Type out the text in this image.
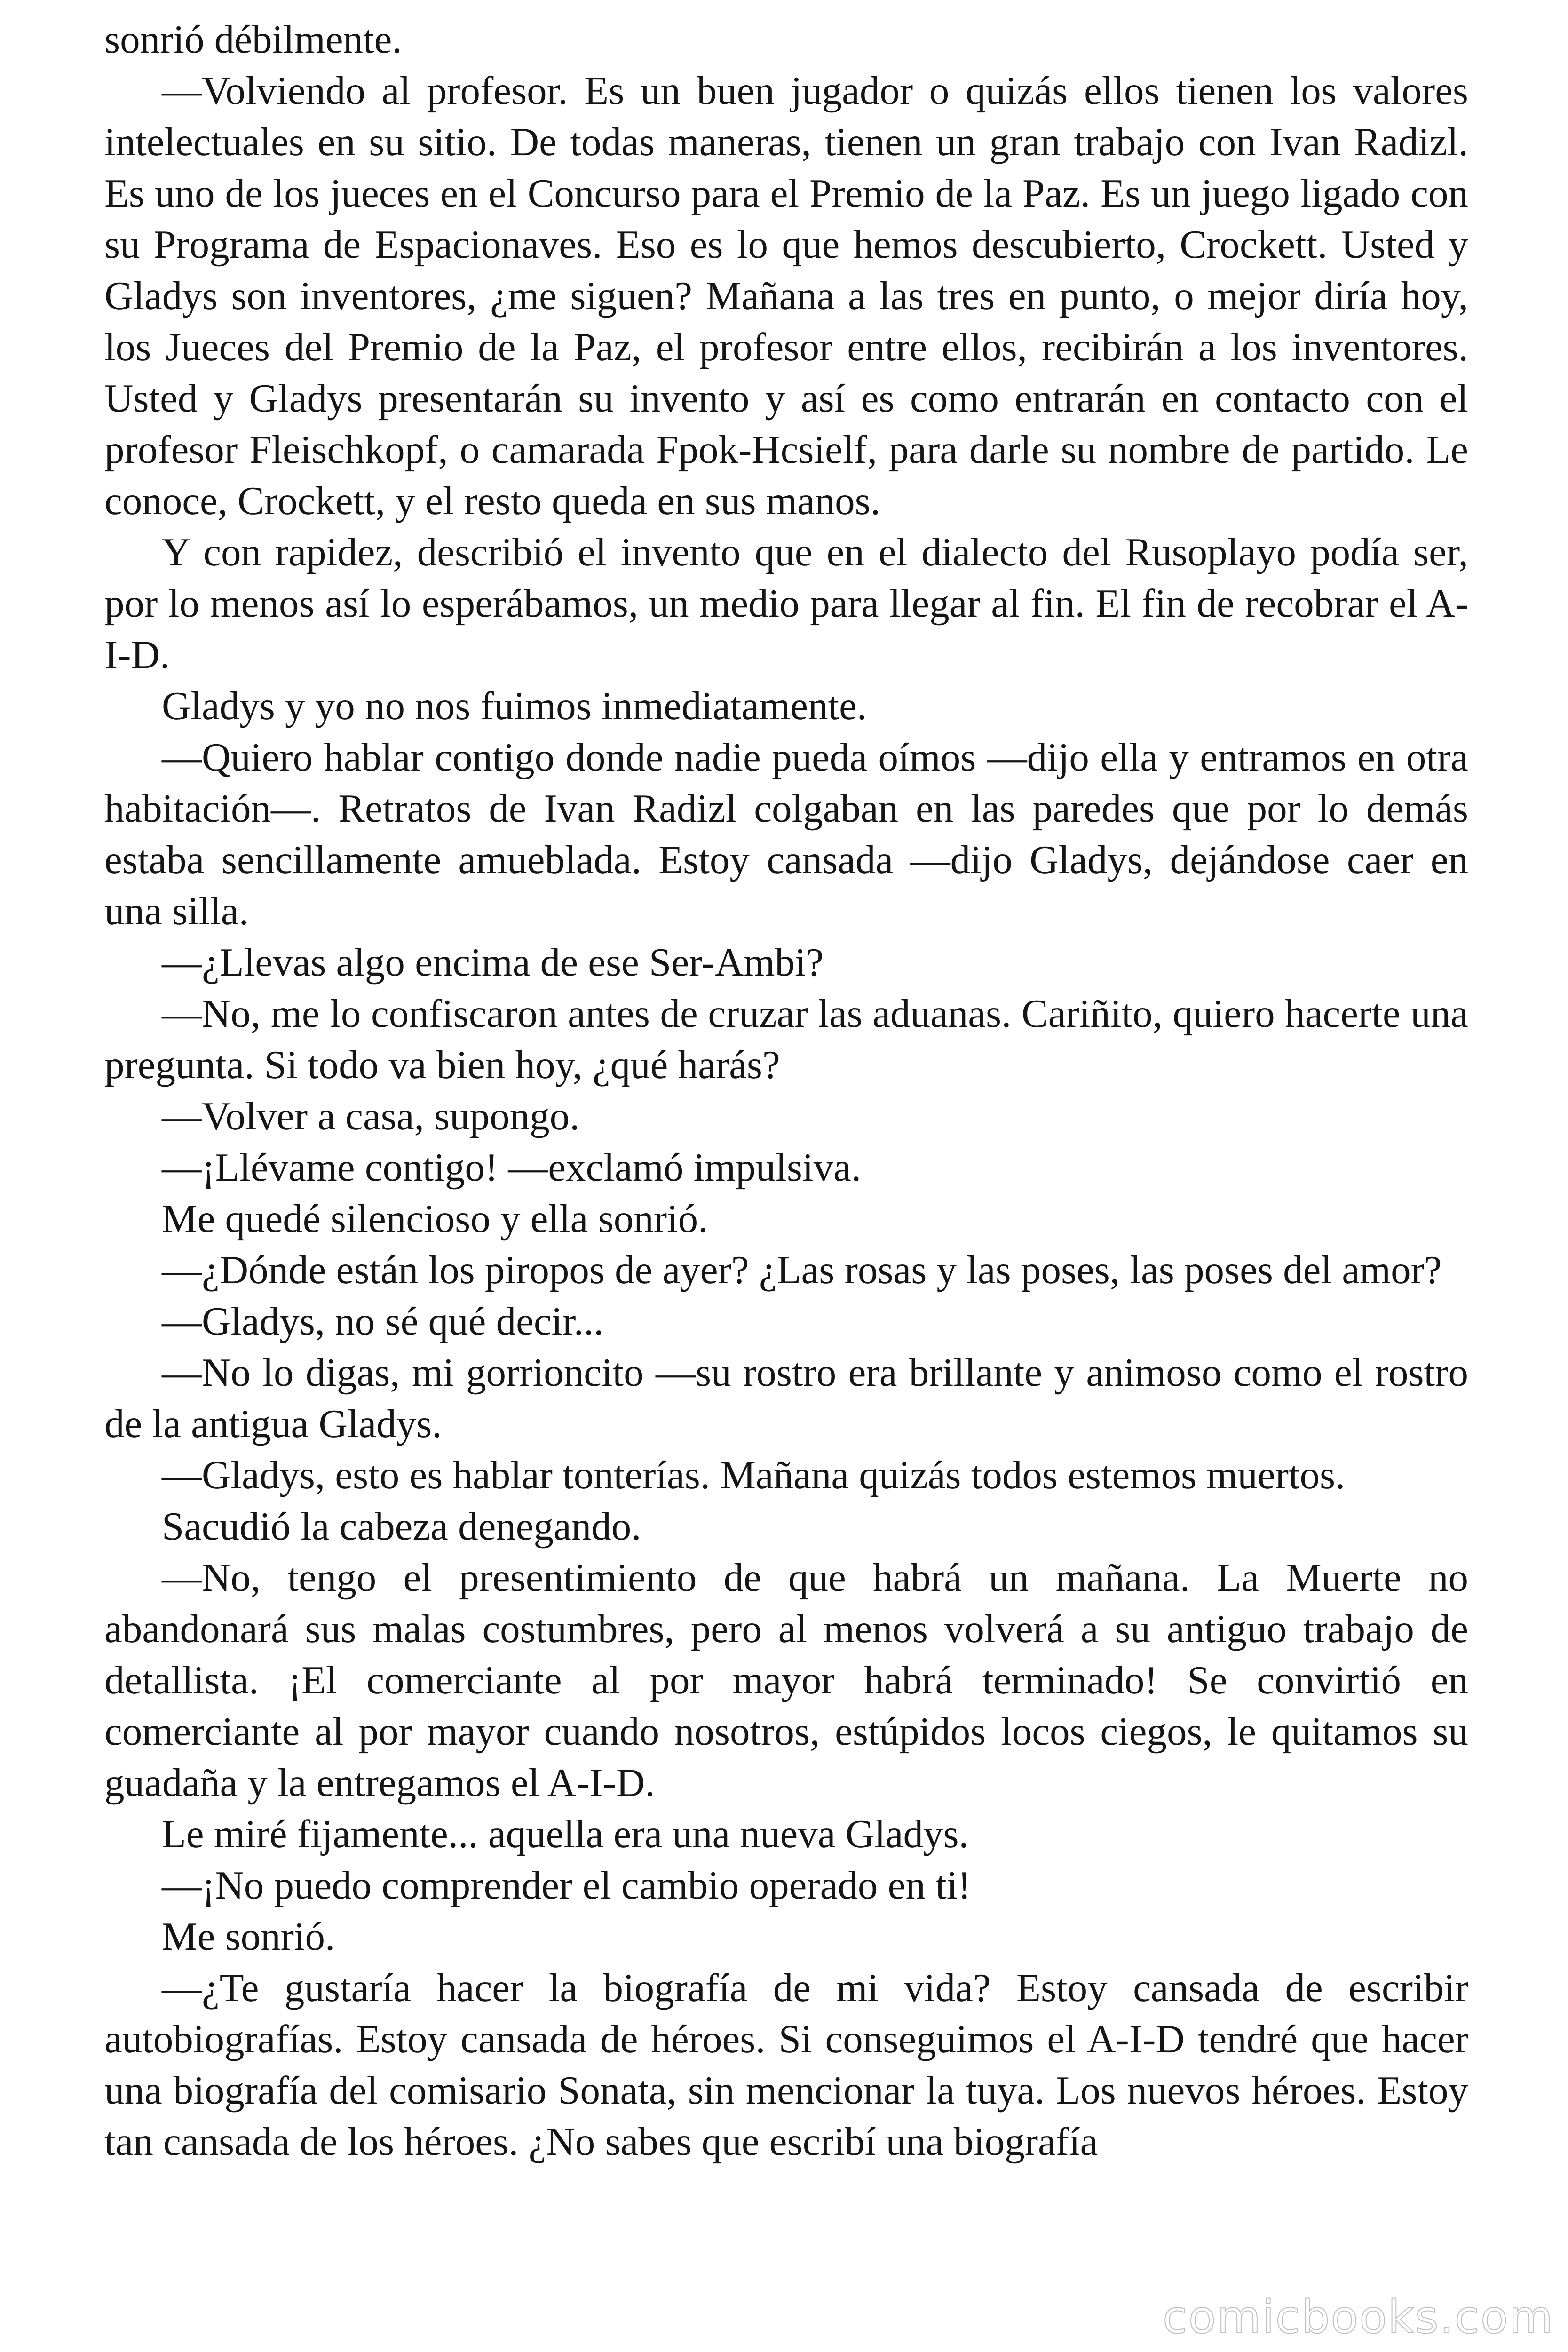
sonrió débilmente.

—Volviendo al profesor. Es un buen jugador o quizás ellos tienen los valores intelectuales en su sitio. De todas maneras, tienen un gran trabajo con Ivan Radizl. Es uno de los jueces en el Concurso para el Premio de la Paz. Es un juego ligado con su Programa de Espacionaves. Eso es lo que hemos descubierto, Crockett. Usted y Gladys son inventores, ¿me siguen? Mañana a las tres en punto, o mejor diría hoy, los Jueces del Premio de la Paz, el profesor entre ellos, recibirán a los inventores. Usted y Gladys presentarán su invento y así es como entrarán en contacto con el profesor Fleischkopf, o camarada Fpok-Hcsielf, para darle su nombre de partido. Le conoce, Crockett, y el resto queda en sus manos.

Y con rapidez, describió el invento que en el dialecto del Rusoplayo podía ser, por lo menos así lo esperábamos, un medio para llegar al fin. El fin de recobrar el A-I-D.

Gladys y yo no nos fuimos inmediatamente.

—Quiero hablar contigo donde nadie pueda oímos —dijo ella y entramos en otra habitación—. Retratos de Ivan Radizl colgaban en las paredes que por lo demás estaba sencillamente amueblada. Estoy cansada —dijo Gladys, dejándose caer en una silla.

—¿Llevas algo encima de ese Ser-Ambi?

—No, me lo confiscaron antes de cruzar las aduanas. Cariñito, quiero hacerte una pregunta. Si todo va bien hoy, ¿qué harás?

—Volver a casa, supongo.

—¡Llévame contigo! —exclamó impulsiva.

Me quedé silencioso y ella sonrió.

—¿Dónde están los piropos de ayer? ¿Las rosas y las poses, las poses del amor?

—Gladys, no sé qué decir...

—No lo digas, mi gorrioncito —su rostro era brillante y animoso como el rostro de la antigua Gladys.

—Gladys, esto es hablar tonterías. Mañana quizás todos estemos muertos.

Sacudió la cabeza denegando.

—No, tengo el presentimiento de que habrá un mañana. La Muerte no abandonará sus malas costumbres, pero al menos volverá a su antiguo trabajo de detallista. ¡El comerciante al por mayor habrá terminado! Se convirtió en comerciante al por mayor cuando nosotros, estúpidos locos ciegos, le quitamos su guadaña y la entregamos el A-I-D.

Le miré fijamente... aquella era una nueva Gladys.

—¡No puedo comprender el cambio operado en ti!

Me sonrió.

—¿Te gustaría hacer la biografía de mi vida? Estoy cansada de escribir autobiografías. Estoy cansada de héroes. Si conseguimos el A-I-D tendré que hacer una biografía del comisario Sonata, sin mencionar la tuya. Los nuevos héroes. Estoy tan cansada de los héroes. ¿No sabes que escribí una biografía

comicbooks.com
